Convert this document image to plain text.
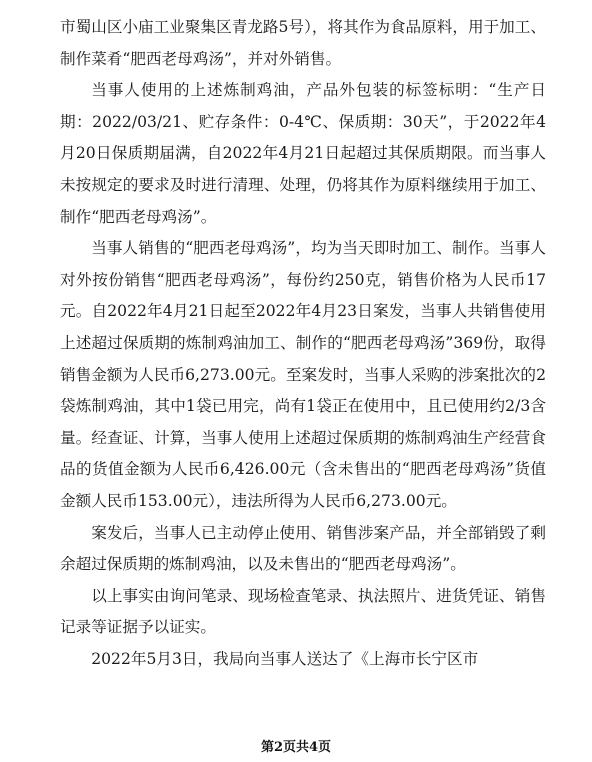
市蜀山区小庙工业聚集区青龙路5号），将其作为食品原料，用于加工、制作菜肴“肥西老母鸡汤”，并对外销售。

当事人使用的上述炼制鸡油，产品外包装的标签标明：“生产日期：2022/03/21、贮存条件：0-4℃、保质期：30天”，于2022年4月20日保质期届满，自2022年4月21日起超过其保质期限。而当事人未按规定的要求及时进行清理、处理，仍将其作为原料继续用于加工、制作“肥西老母鸡汤”。

当事人销售的“肥西老母鸡汤”，均为当天即时加工、制作。当事人对外按份销售“肥西老母鸡汤”，每份约250克，销售价格为人民币17元。自2022年4月21日起至2022年4月23日案发，当事人共销售使用上述超过保质期的炼制鸡油加工、制作的“肥西老母鸡汤”369份，取得销售金额为人民币6,273.00元。至案发时，当事人采购的涉案批次的2袋炼制鸡油，其中1袋已用完，尚有1袋正在使用中，且已使用约2/3含量。经查证、计算，当事人使用上述超过保质期的炼制鸡油生产经营食品的货值金额为人民币6,426.00元（含未售出的“肥西老母鸡汤”货值金额人民币153.00元），违法所得为人民币6,273.00元。

案发后，当事人已主动停止使用、销售涉案产品，并全部销毁了剩余超过保质期的炼制鸡油，以及未售出的“肥西老母鸡汤”。

以上事实由询问笔录、现场检查笔录、执法照片、进货凭证、销售记录等证据予以证实。

2022年5月3日，我局向当事人送达了《上海市长宁区市

第2页共4页
